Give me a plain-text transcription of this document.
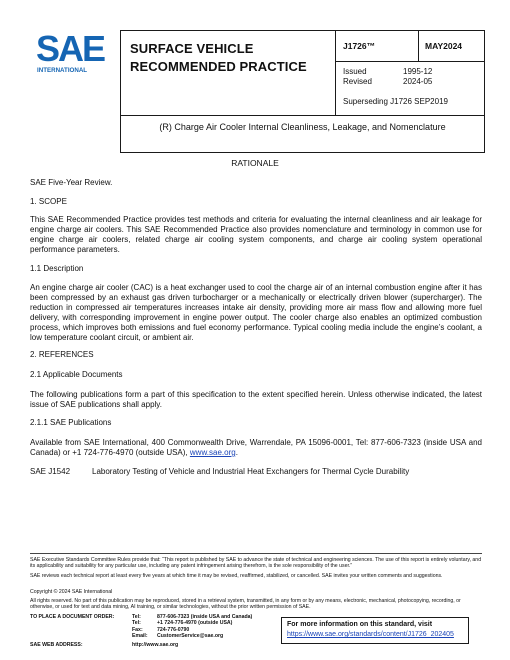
SAE
INTERNATIONAL
SURFACE VEHICLE
RECOMMENDED PRACTICE
J1726™	MAY2024
Issued	1995-12
Revised	2024-05
Superseding J1726 SEP2019
(R) Charge Air Cooler Internal Cleanliness, Leakage, and Nomenclature
RATIONALE
SAE Five-Year Review.
1. SCOPE
This SAE Recommended Practice provides test methods and criteria for evaluating the internal cleanliness and air leakage for engine charge air coolers. This SAE Recommended Practice also provides nomenclature and terminology in common use for engine charge air coolers, related charge air cooling system components, and charge air cooling system operational performance parameters.
1.1 Description
An engine charge air cooler (CAC) is a heat exchanger used to cool the charge air of an internal combustion engine after it has been compressed by an exhaust gas driven turbocharger or a mechanically or electrically driven blower (supercharger). The reduction in compressed air temperatures increases intake air density, providing more air mass flow and allowing more fuel delivery, with corresponding improvement in engine power output. The cooler charge also enables an optimized combustion process, which improves both emissions and fuel economy performance. Typical cooling media include the engine’s coolant, a low temperature coolant circuit, or ambient air.
2. REFERENCES
2.1 Applicable Documents
The following publications form a part of this specification to the extent specified herein. Unless otherwise indicated, the latest issue of SAE publications shall apply.
2.1.1 SAE Publications
Available from SAE International, 400 Commonwealth Drive, Warrendale, PA 15096-0001, Tel: 877-606-7323 (inside USA and Canada) or +1 724-776-4970 (outside USA), www.sae.org.
SAE J1542	Laboratory Testing of Vehicle and Industrial Heat Exchangers for Thermal Cycle Durability
SAE Executive Standards Committee Rules provide that: “This report is published by SAE to advance the state of technical and engineering sciences. The use of this report is entirely voluntary, and its applicability and suitability for any particular use, including any patent infringement arising therefrom, is the sole responsibility of the user.”
SAE reviews each technical report at least every five years at which time it may be revised, reaffirmed, stabilized, or cancelled. SAE invites your written comments and suggestions.
Copyright © 2024 SAE International
All rights reserved. No part of this publication may be reproduced, stored in a retrieval system, transmitted, in any form or by any means, electronic, mechanical, photocopying, recording, or otherwise, or used for text and data mining, AI training, or similar technologies, without the prior written permission of SAE.
TO PLACE A DOCUMENT ORDER:	Tel:	877-606-7323 (inside USA and Canada)
Tel:	+1 724-776-4970 (outside USA)
Fax:	724-776-0790
Email: CustomerService@sae.org
SAE WEB ADDRESS:	http://www.sae.org
For more information on this standard, visit
https://www.sae.org/standards/content/J1726_202405
